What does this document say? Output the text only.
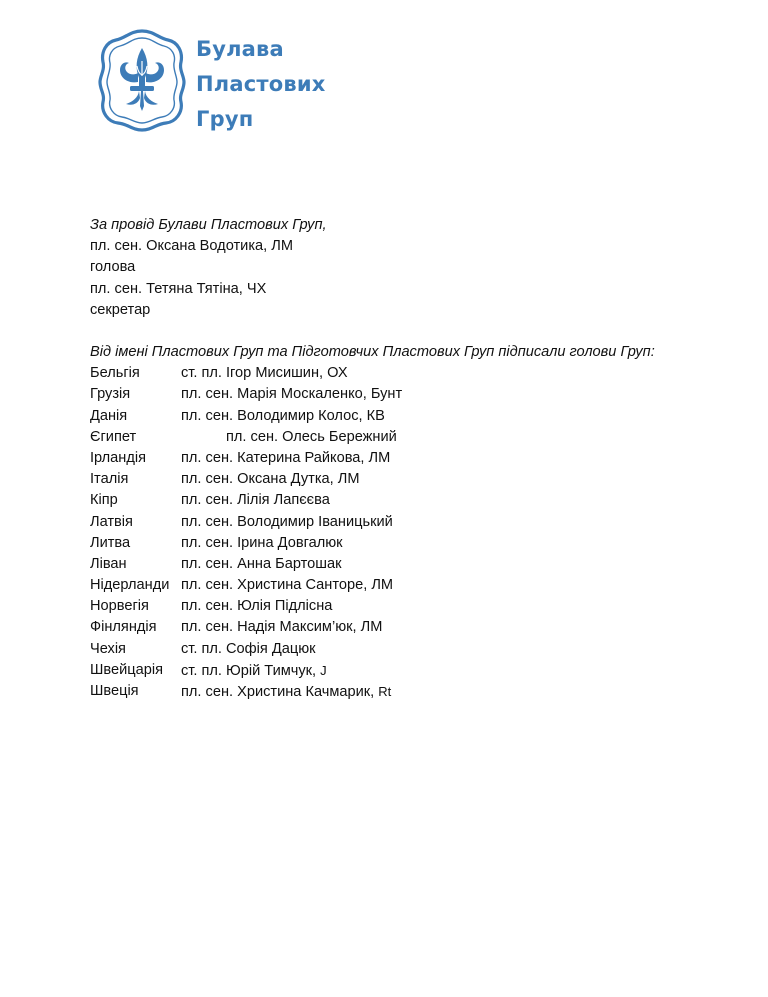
Булава
Пластових
Груп
За провід Булави Пластових Груп,
пл. сен. Оксана Водотика, ЛМ
голова
пл. сен. Тетяна Тятіна, ЧХ
секретар
Від імені Пластових Груп та Підготовчих Пластових Груп підписали голови Груп:
Бельгія	ст. пл. Ігор Мисишин, ОХ
Грузія	пл. сен. Марія Москаленко, Бунт
Данія	пл. сен. Володимир Колос, КВ
Єгипет	пл. сен. Олесь Бережний
Ірландія	пл. сен. Катерина Райкова, ЛМ
Італія	пл. сен. Оксана Дутка, ЛМ
Кіпр	пл. сен. Лілія Лапєєва
Латвія	пл. сен. Володимир Іваницький
Литва	пл. сен. Ірина Довгалюк
Ліван	пл. сен. Анна Бартошак
Нідерланди пл. сен. Христина Санторе, ЛМ
Норвегія	пл. сен. Юлія Підлісна
Фінляндія	пл. сен. Надія Максим’юк, ЛМ
Чехія	ст. пл. Софія Дацюк
Швейцарія	ст. пл. Юрій Тимчук, J
Швеція	пл. сен. Христина Качмарик, Rt
